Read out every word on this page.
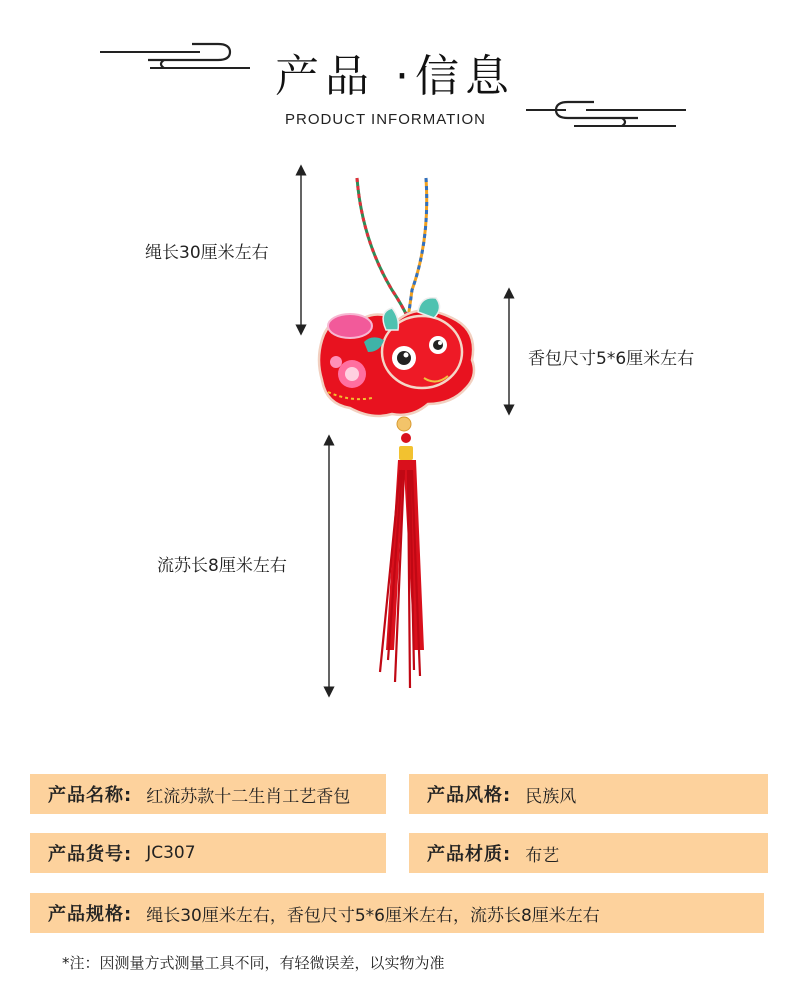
产品 ·信息
PRODUCT INFORMATION
绳长30厘米左右
香包尺寸5*6厘米左右
流苏长8厘米左右
产品名称: 红流苏款十二生肖工艺香包	产品风格: 民族风
产品货号: JC307	产品材质: 布艺
产品规格: 绳长30厘米左右，香包尺寸5*6厘米左右，流苏长8厘米左右
*注：因测量方式测量工具不同，有轻微误差，以实物为准
